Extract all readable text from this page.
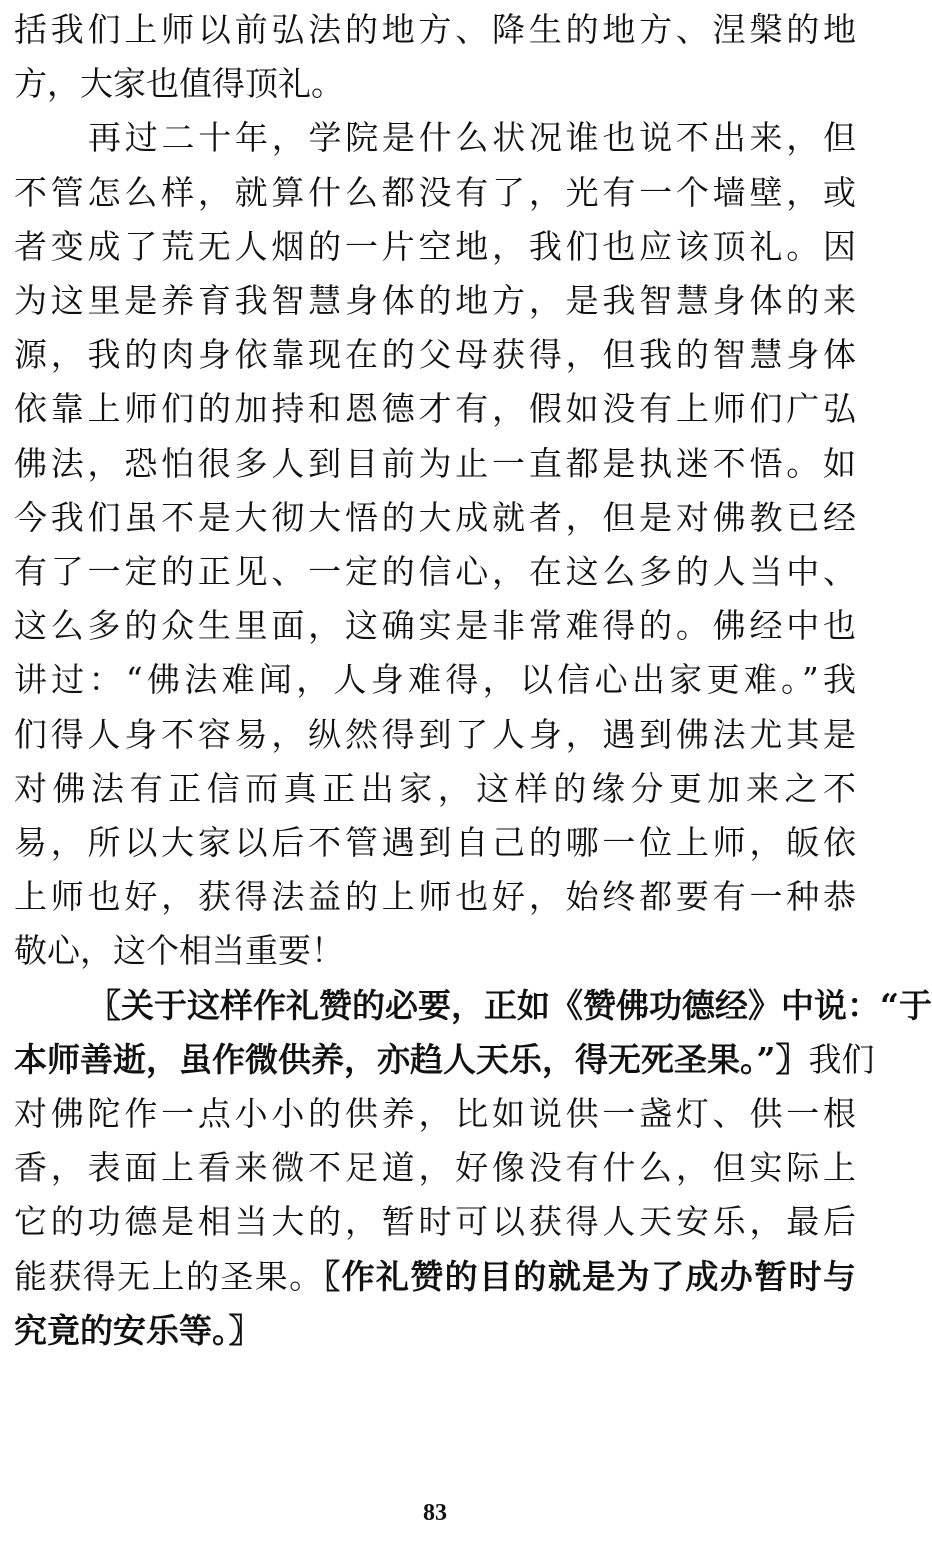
括我们上师以前弘法的地方、降生的地方、涅槃的地
方，大家也值得顶礼。
再过二十年，学院是什么状况谁也说不出来，但
不管怎么样，就算什么都没有了，光有一个墙壁，或
者变成了荒无人烟的一片空地，我们也应该顶礼。因
为这里是养育我智慧身体的地方，是我智慧身体的来
源，我的肉身依靠现在的父母获得，但我的智慧身体
依靠上师们的加持和恩德才有，假如没有上师们广弘
佛法，恐怕很多人到目前为止一直都是执迷不悟。如
今我们虽不是大彻大悟的大成就者，但是对佛教已经
有了一定的正见、一定的信心，在这么多的人当中、
这么多的众生里面，这确实是非常难得的。佛经中也
讲过：“佛法难闻，人身难得，以信心出家更难。”我
们得人身不容易，纵然得到了人身，遇到佛法尤其是
对佛法有正信而真正出家，这样的缘分更加来之不
易，所以大家以后不管遇到自己的哪一位上师，皈依
上师也好，获得法益的上师也好，始终都要有一种恭
敬心，这个相当重要！
〖关于这样作礼赞的必要，正如《赞佛功德经》中说：“于
本师善逝，虽作微供养，亦趋人天乐，得无死圣果。”〗我们
对佛陀作一点小小的供养，比如说供一盏灯、供一根
香，表面上看来微不足道，好像没有什么，但实际上
它的功德是相当大的，暂时可以获得人天安乐，最后
能获得无上的圣果。〖作礼赞的目的就是为了成办暂时与
究竟的安乐等。〗
83
